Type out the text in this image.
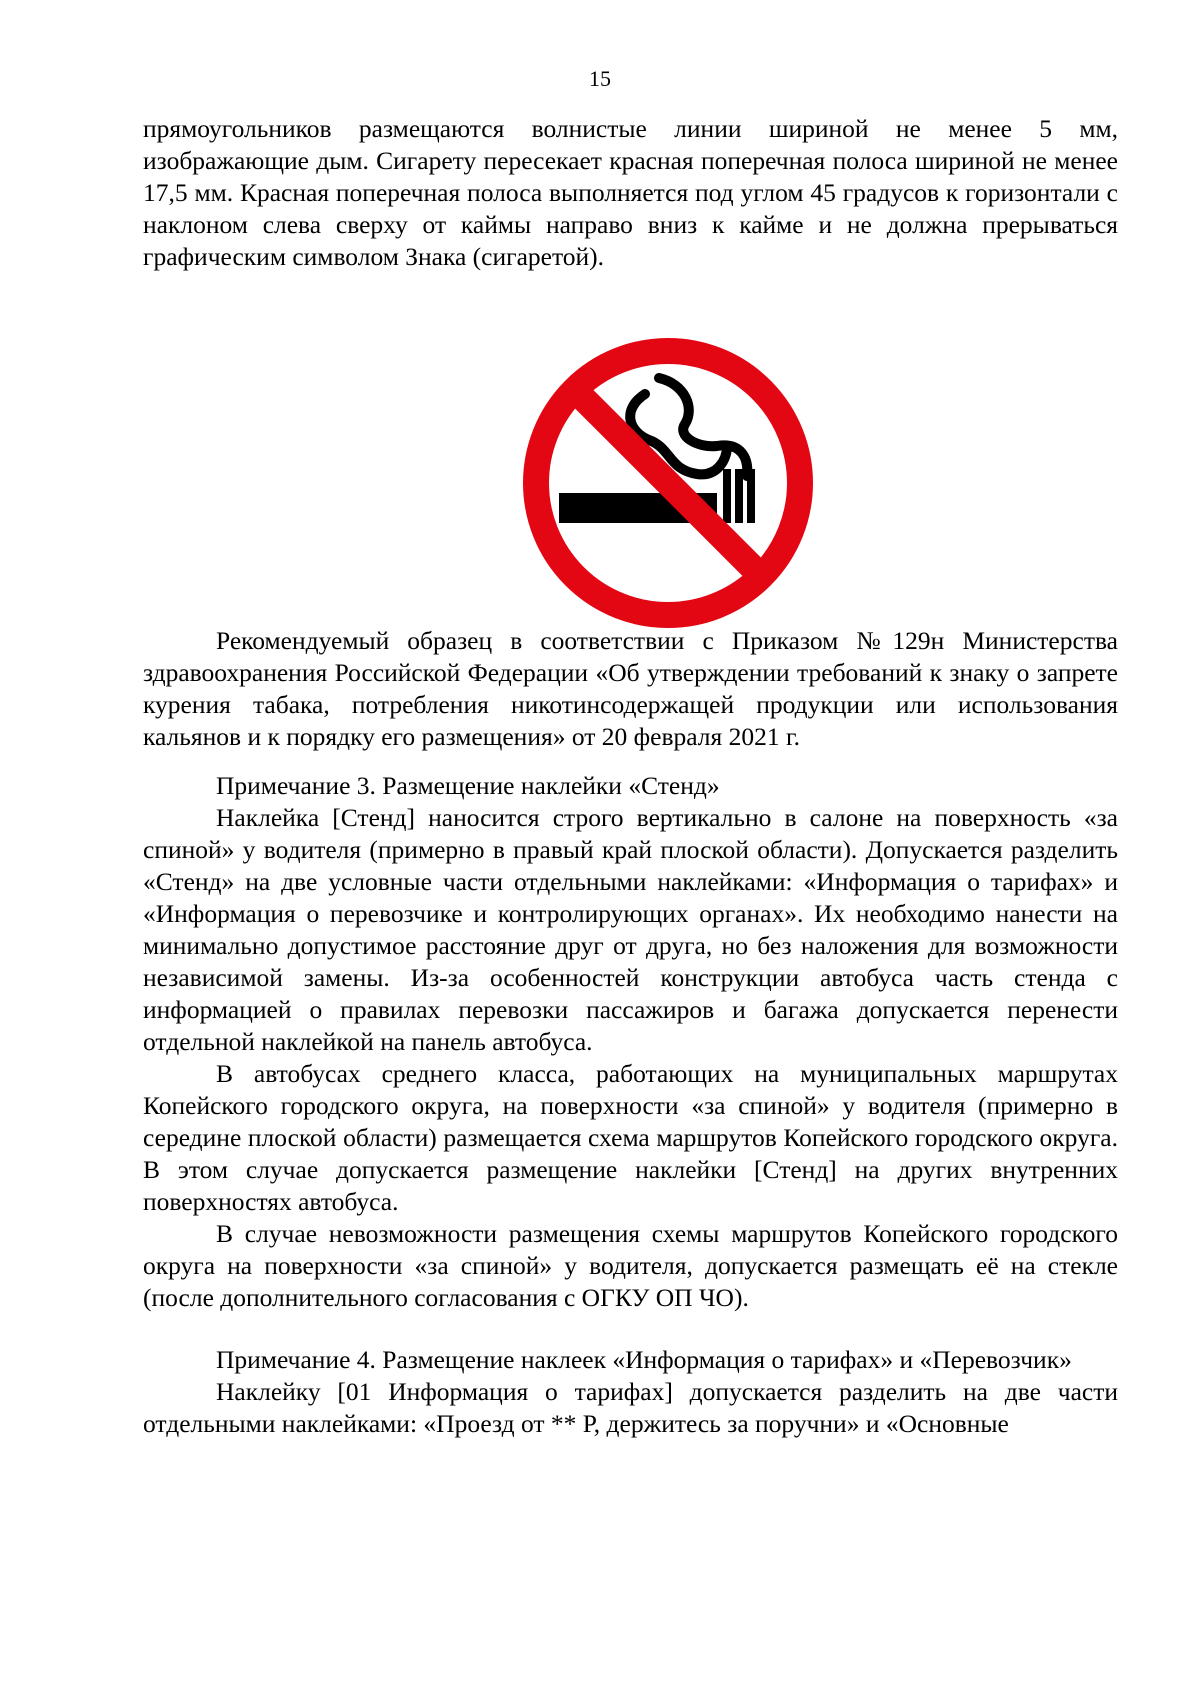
15

прямоугольников размещаются волнистые линии шириной не менее 5 мм, изображающие дым. Сигарету пересекает красная поперечная полоса шириной не менее 17,5 мм. Красная поперечная полоса выполняется под углом 45 градусов к горизонтали с наклоном слева сверху от каймы направо вниз к кайме и не должна прерываться графическим символом Знака (сигаретой).

Рекомендуемый образец в соответствии с Приказом №129н Министерства здравоохранения Российской Федерации «Об утверждении требований к знаку о запрете курения табака, потребления никотинсодержащей продукции или использования кальянов и к порядку его размещения» от 20 февраля 2021 г.

Примечание 3. Размещение наклейки «Стенд»

Наклейка [Стенд] наносится строго вертикально в салоне на поверхность «за спиной» у водителя (примерно в правый край плоской области). Допускается разделить «Стенд» на две условные части отдельными наклейками: «Информация о тарифах» и «Информация о перевозчике и контролирующих органах». Их необходимо нанести на минимально допустимое расстояние друг от друга, но без наложения для возможности независимой замены. Из-за особенностей конструкции автобуса часть стенда с информацией о правилах перевозки пассажиров и багажа допускается перенести отдельной наклейкой на панель автобуса.

В автобусах среднего класса, работающих на муниципальных маршрутах Копейского городского округа, на поверхности «за спиной» у водителя (примерно в середине плоской области) размещается схема маршрутов Копейского городского округа. В этом случае допускается размещение наклейки [Стенд] на других внутренних поверхностях автобуса.

В случае невозможности размещения схемы маршрутов Копейского городского округа на поверхности «за спиной» у водителя, допускается размещать её на стекле (после дополнительного согласования с ОГКУ ОП ЧО).

Примечание 4. Размещение наклеек «Информация о тарифах» и «Перевозчик»

Наклейку [01 Информация о тарифах] допускается разделить на две части отдельными наклейками: «Проезд от ** Р, держитесь за поручни» и «Основные
